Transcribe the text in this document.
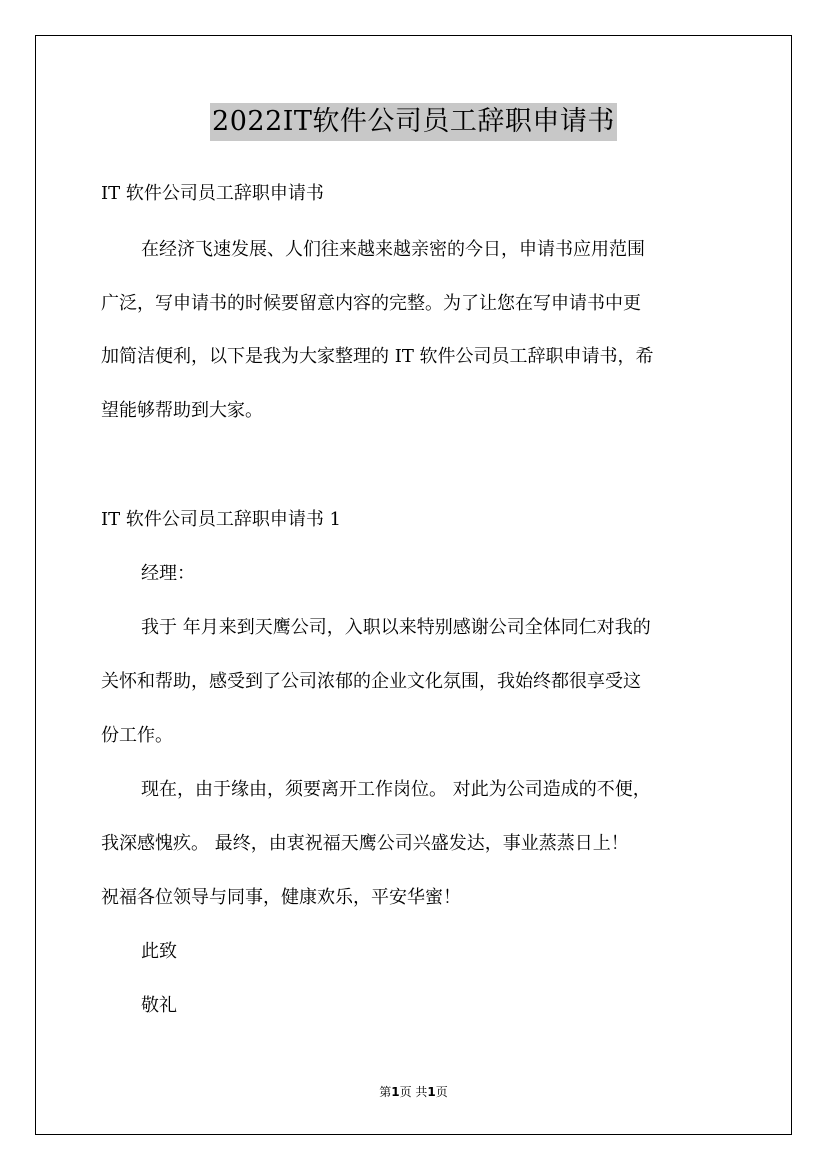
2022IT软件公司员工辞职申请书
IT 软件公司员工辞职申请书
在经济飞速发展、人们往来越来越亲密的今日，申请书应用范围
广泛，写申请书的时候要留意内容的完整。为了让您在写申请书中更
加简洁便利，以下是我为大家整理的 IT 软件公司员工辞职申请书，希
望能够帮助到大家。
IT 软件公司员工辞职申请书 1
经理：
我于 年月来到天鹰公司，入职以来特别感谢公司全体同仁对我的
关怀和帮助，感受到了公司浓郁的企业文化氛围，我始终都很享受这
份工作。
现在，由于缘由，须要离开工作岗位。 对此为公司造成的不便，
我深感愧疚。 最终，由衷祝福天鹰公司兴盛发达，事业蒸蒸日上！
祝福各位领导与同事，健康欢乐，平安华蜜！
此致
敬礼
第1页 共1页
